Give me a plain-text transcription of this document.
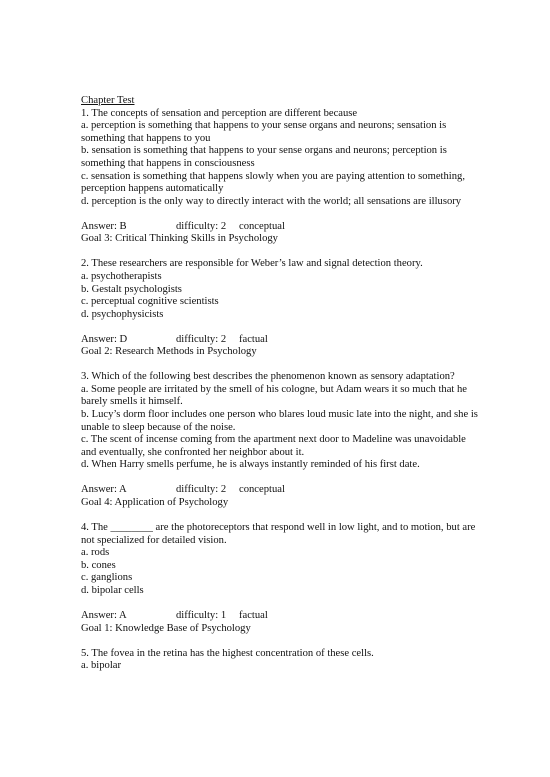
Chapter Test
1. The concepts of sensation and perception are different because
a. perception is something that happens to your sense organs and neurons; sensation is something that happens to you
b. sensation is something that happens to your sense organs and neurons; perception is something that happens in consciousness
c. sensation is something that happens slowly when you are paying attention to something, perception happens automatically
d. perception is the only way to directly interact with the world; all sensations are illusory
Answer: B	difficulty: 2 conceptual
Goal 3: Critical Thinking Skills in Psychology
2. These researchers are responsible for Weber’s law and signal detection theory.
a. psychotherapists
b. Gestalt psychologists
c. perceptual cognitive scientists
d. psychophysicists
Answer: D	difficulty: 2 factual
Goal 2: Research Methods in Psychology
3. Which of the following best describes the phenomenon known as sensory adaptation?
a. Some people are irritated by the smell of his cologne, but Adam wears it so much that he barely smells it himself.
b. Lucy’s dorm floor includes one person who blares loud music late into the night, and she is unable to sleep because of the noise.
c. The scent of incense coming from the apartment next door to Madeline was unavoidable and eventually, she confronted her neighbor about it.
d. When Harry smells perfume, he is always instantly reminded of his first date.
Answer: A	difficulty: 2 conceptual
Goal 4: Application of Psychology
4. The ________ are the photoreceptors that respond well in low light, and to motion, but are not specialized for detailed vision.
a. rods
b. cones
c. ganglions
d. bipolar cells
Answer: A	difficulty: 1 factual
Goal 1: Knowledge Base of Psychology
5. The fovea in the retina has the highest concentration of these cells.
a. bipolar
